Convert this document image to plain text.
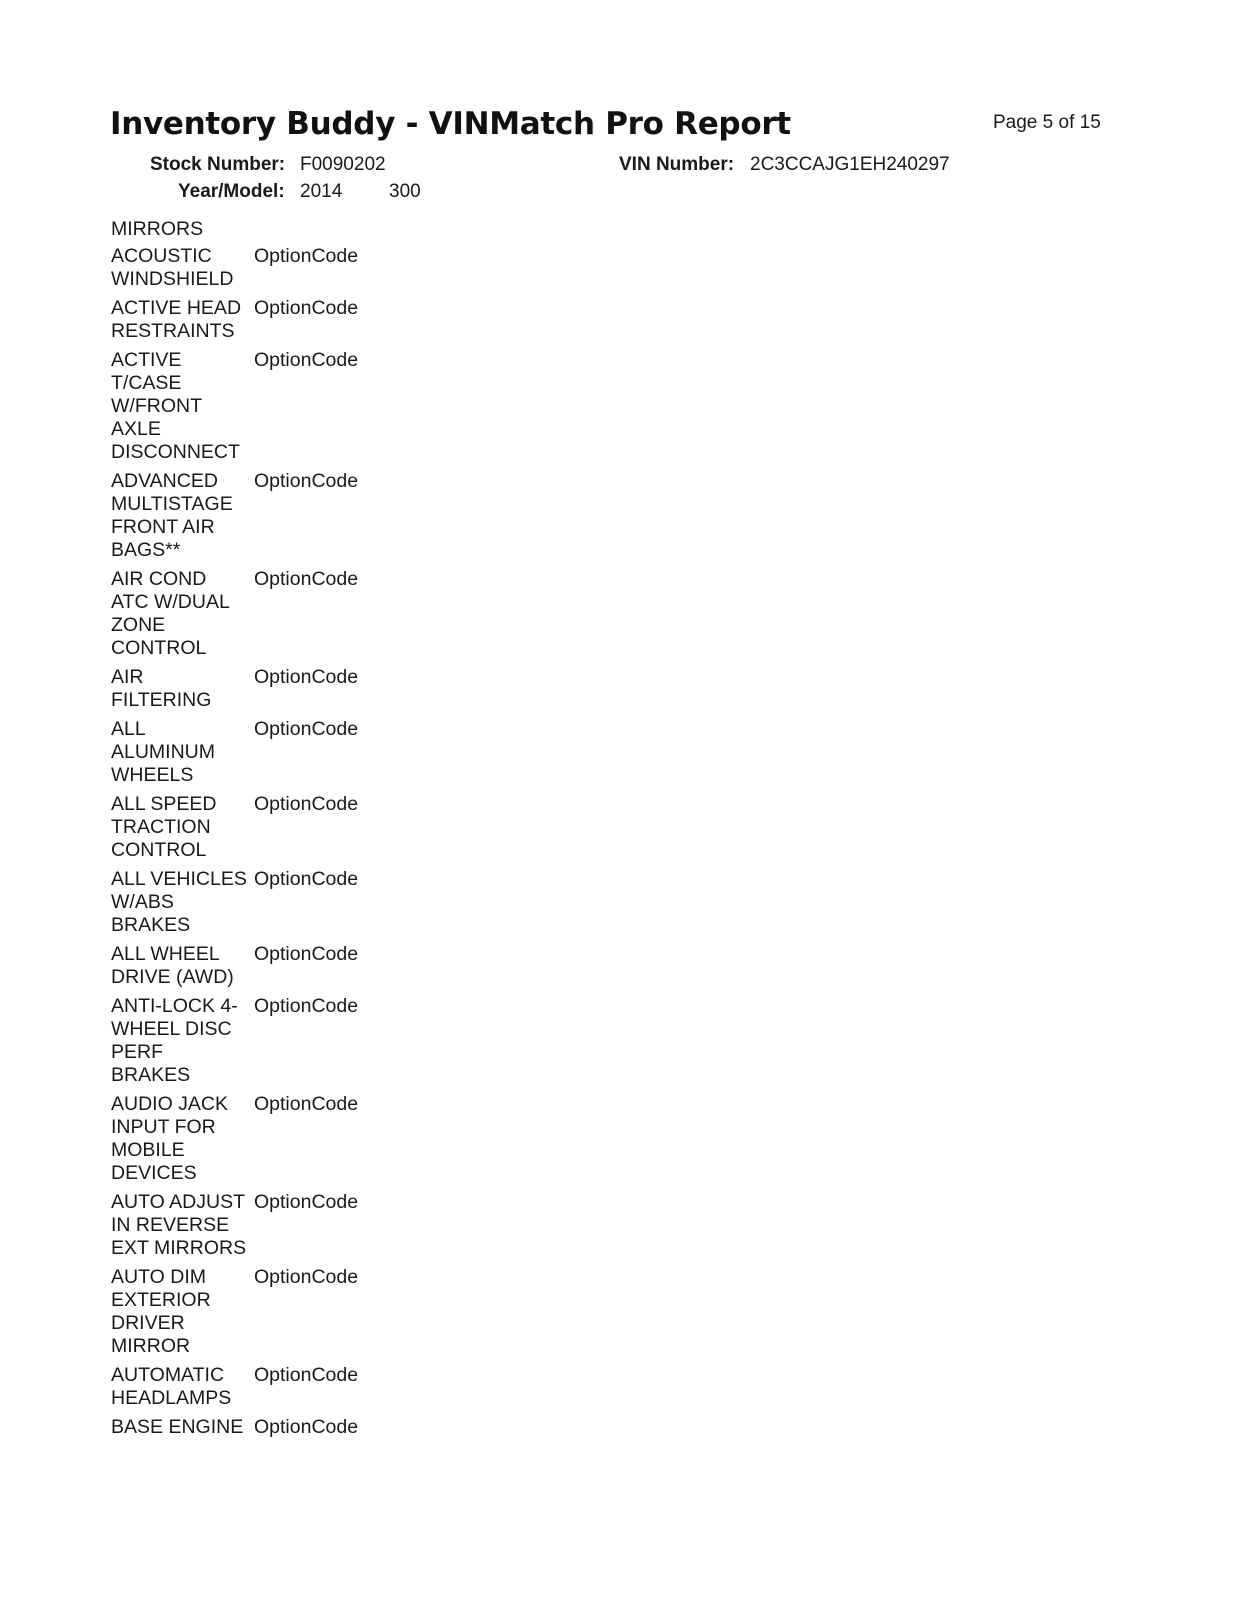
Inventory Buddy - VINMatch Pro Report	Page 5 of 15
Stock Number: F0090202	VIN Number: 2C3CCAJG1EH240297
Year/Model: 2014 300
MIRRORS
ACOUSTIC
WINDSHIELD
OptionCode
ACTIVE HEAD
RESTRAINTS
OptionCode
ACTIVE
T/CASE
W/FRONT
AXLE
DISCONNECT
OptionCode
ADVANCED
MULTISTAGE
FRONT AIR
BAGS**
OptionCode
AIR COND
ATC W/DUAL
ZONE
CONTROL
OptionCode
AIR
FILTERING
OptionCode
ALL
ALUMINUM
WHEELS
OptionCode
ALL SPEED
TRACTION
CONTROL
OptionCode
ALL VEHICLES
W/ABS
BRAKES
OptionCode
ALL WHEEL
DRIVE (AWD)
OptionCode
ANTI-LOCK 4-
WHEEL DISC
PERF
BRAKES
OptionCode
AUDIO JACK
INPUT FOR
MOBILE
DEVICES
OptionCode
AUTO ADJUST
IN REVERSE
EXT MIRRORS
OptionCode
AUTO DIM
EXTERIOR
DRIVER
MIRROR
OptionCode
AUTOMATIC
HEADLAMPS
OptionCode
BASE ENGINE OptionCode
